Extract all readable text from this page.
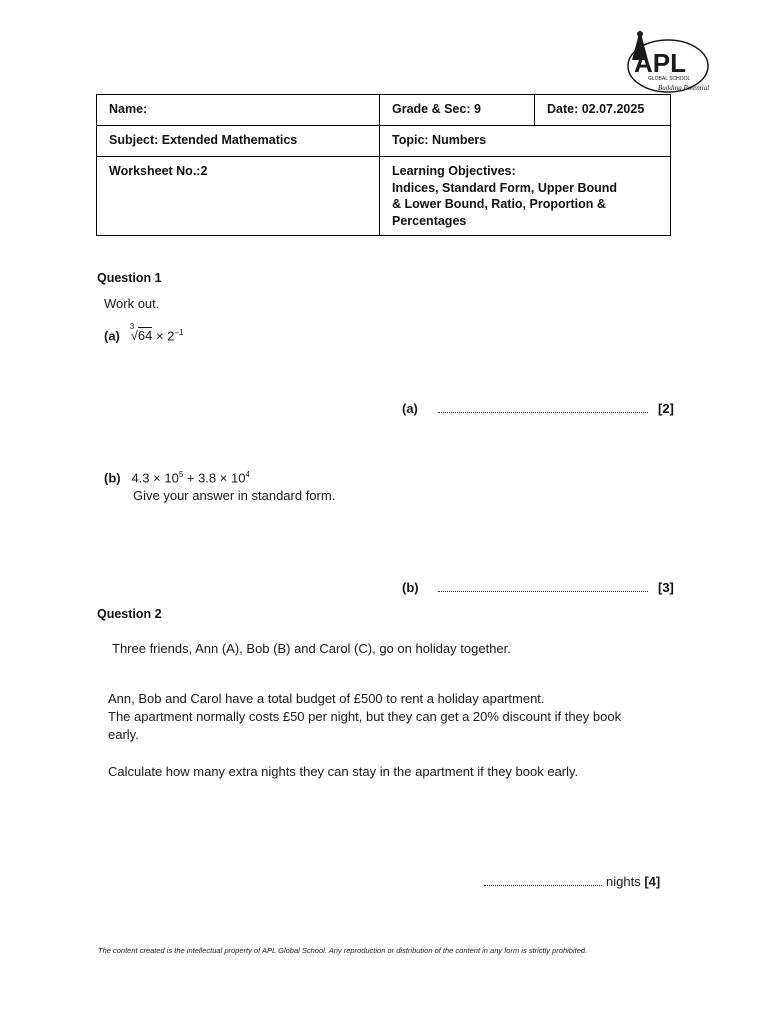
APL
GLOBAL SCHOOL
Budding Potential
Name:	Grade & Sec: 9	Date: 02.07.2025
Subject: Extended Mathematics	Topic: Numbers	
Worksheet No.:2	Learning Objectives:
Indices, Standard Form, Upper Bound
& Lower Bound, Ratio, Proportion &
Percentages	
Question 1
Work out.
(a)
3
$√64 \times 2^{-1}$
(a)	[2]
(b) $4.3 \times 10^5 + 3.8 \times 10^4$
Give your answer in standard form.
(b)	[3]
Question 2
Three friends, Ann (A), Bob (B) and Carol (C), go on holiday together.
Ann, Bob and Carol have a total budget of £500 to rent a holiday apartment.
The apartment normally costs £50 per night, but they can get a 20% discount if they book
early.
Calculate how many extra nights they can stay in the apartment if they book early.
nights [4]
The content created is the intellectual property of APL Global School. Any reproduction or distribution of the content in any form is strictly prohibited.
